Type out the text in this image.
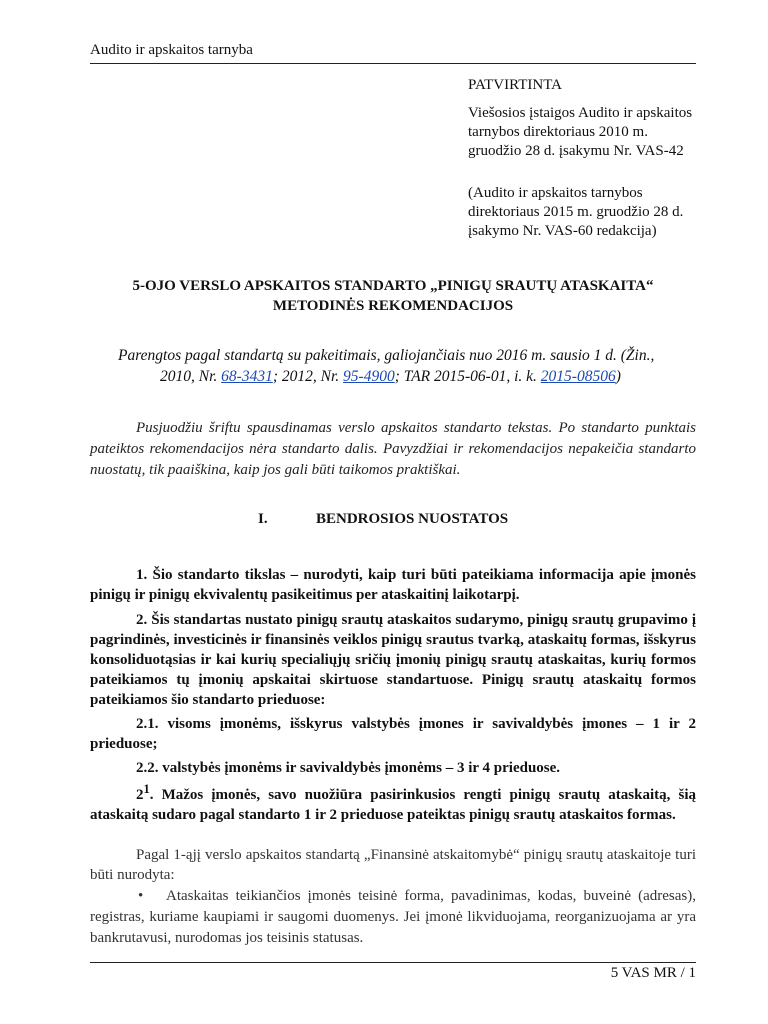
Audito ir apskaitos tarnyba
PATVIRTINTA
Viešosios įstaigos Audito ir apskaitos tarnybos direktoriaus 2010 m. gruodžio 28 d. įsakymu Nr. VAS-42
(Audito ir apskaitos tarnybos direktoriaus 2015 m. gruodžio 28 d. įsakymo Nr. VAS-60 redakcija)
5-OJO VERSLO APSKAITOS STANDARTO „PINIGŲ SRAUTŲ ATASKAITA“
METODINĖS REKOMENDACIJOS
Parengtos pagal standartą su pakeitimais, galiojančiais nuo 2016 m. sausio 1 d. (Žin.,
2010, Nr. 68-3431; 2012, Nr. 95-4900; TAR 2015-06-01, i. k. 2015-08506)
Pusjuodžiu šriftu spausdinamas verslo apskaitos standarto tekstas. Po standarto punktais pateiktos rekomendacijos nėra standarto dalis. Pavyzdžiai ir rekomendacijos nepakeičia standarto nuostatų, tik paaiškina, kaip jos gali būti taikomos praktiškai.
I.	BENDROSIOS NUOSTATOS
1. Šio standarto tikslas – nurodyti, kaip turi būti pateikiama informacija apie įmonės pinigų ir pinigų ekvivalentų pasikeitimus per ataskaitinį laikotarpį.
2. Šis standartas nustato pinigų srautų ataskaitos sudarymo, pinigų srautų grupavimo į pagrindinės, investicinės ir finansinės veiklos pinigų srautus tvarką, ataskaitų formas, išskyrus konsoliduotąsias ir kai kurių specialiųjų sričių įmonių pinigų srautų ataskaitas, kurių formos pateikiamos tų įmonių apskaitai skirtuose standartuose. Pinigų srautų ataskaitų formos pateikiamos šio standarto prieduose:
2.1. visoms įmonėms, išskyrus valstybės įmones ir savivaldybės įmones – 1 ir 2 prieduose;
2.2. valstybės įmonėms ir savivaldybės įmonėms – 3 ir 4 prieduose.
$2^1$. Mažos įmonės, savo nuožiūra pasirinkusios rengti pinigų srautų ataskaitą, šią ataskaitą sudaro pagal standarto 1 ir 2 prieduose pateiktas pinigų srautų ataskaitos formas.
Pagal 1-ąjį verslo apskaitos standartą „Finansinė atskaitomybė“ pinigų srautų ataskaitoje turi būti nurodyta:
•	Ataskaitas teikiančios įmonės teisinė forma, pavadinimas, kodas, buveinė (adresas), registras, kuriame kaupiami ir saugomi duomenys. Jei įmonė likviduojama, reorganizuojama ar yra bankrutavusi, nurodomas jos teisinis statusas.
5 VAS MR / 1
